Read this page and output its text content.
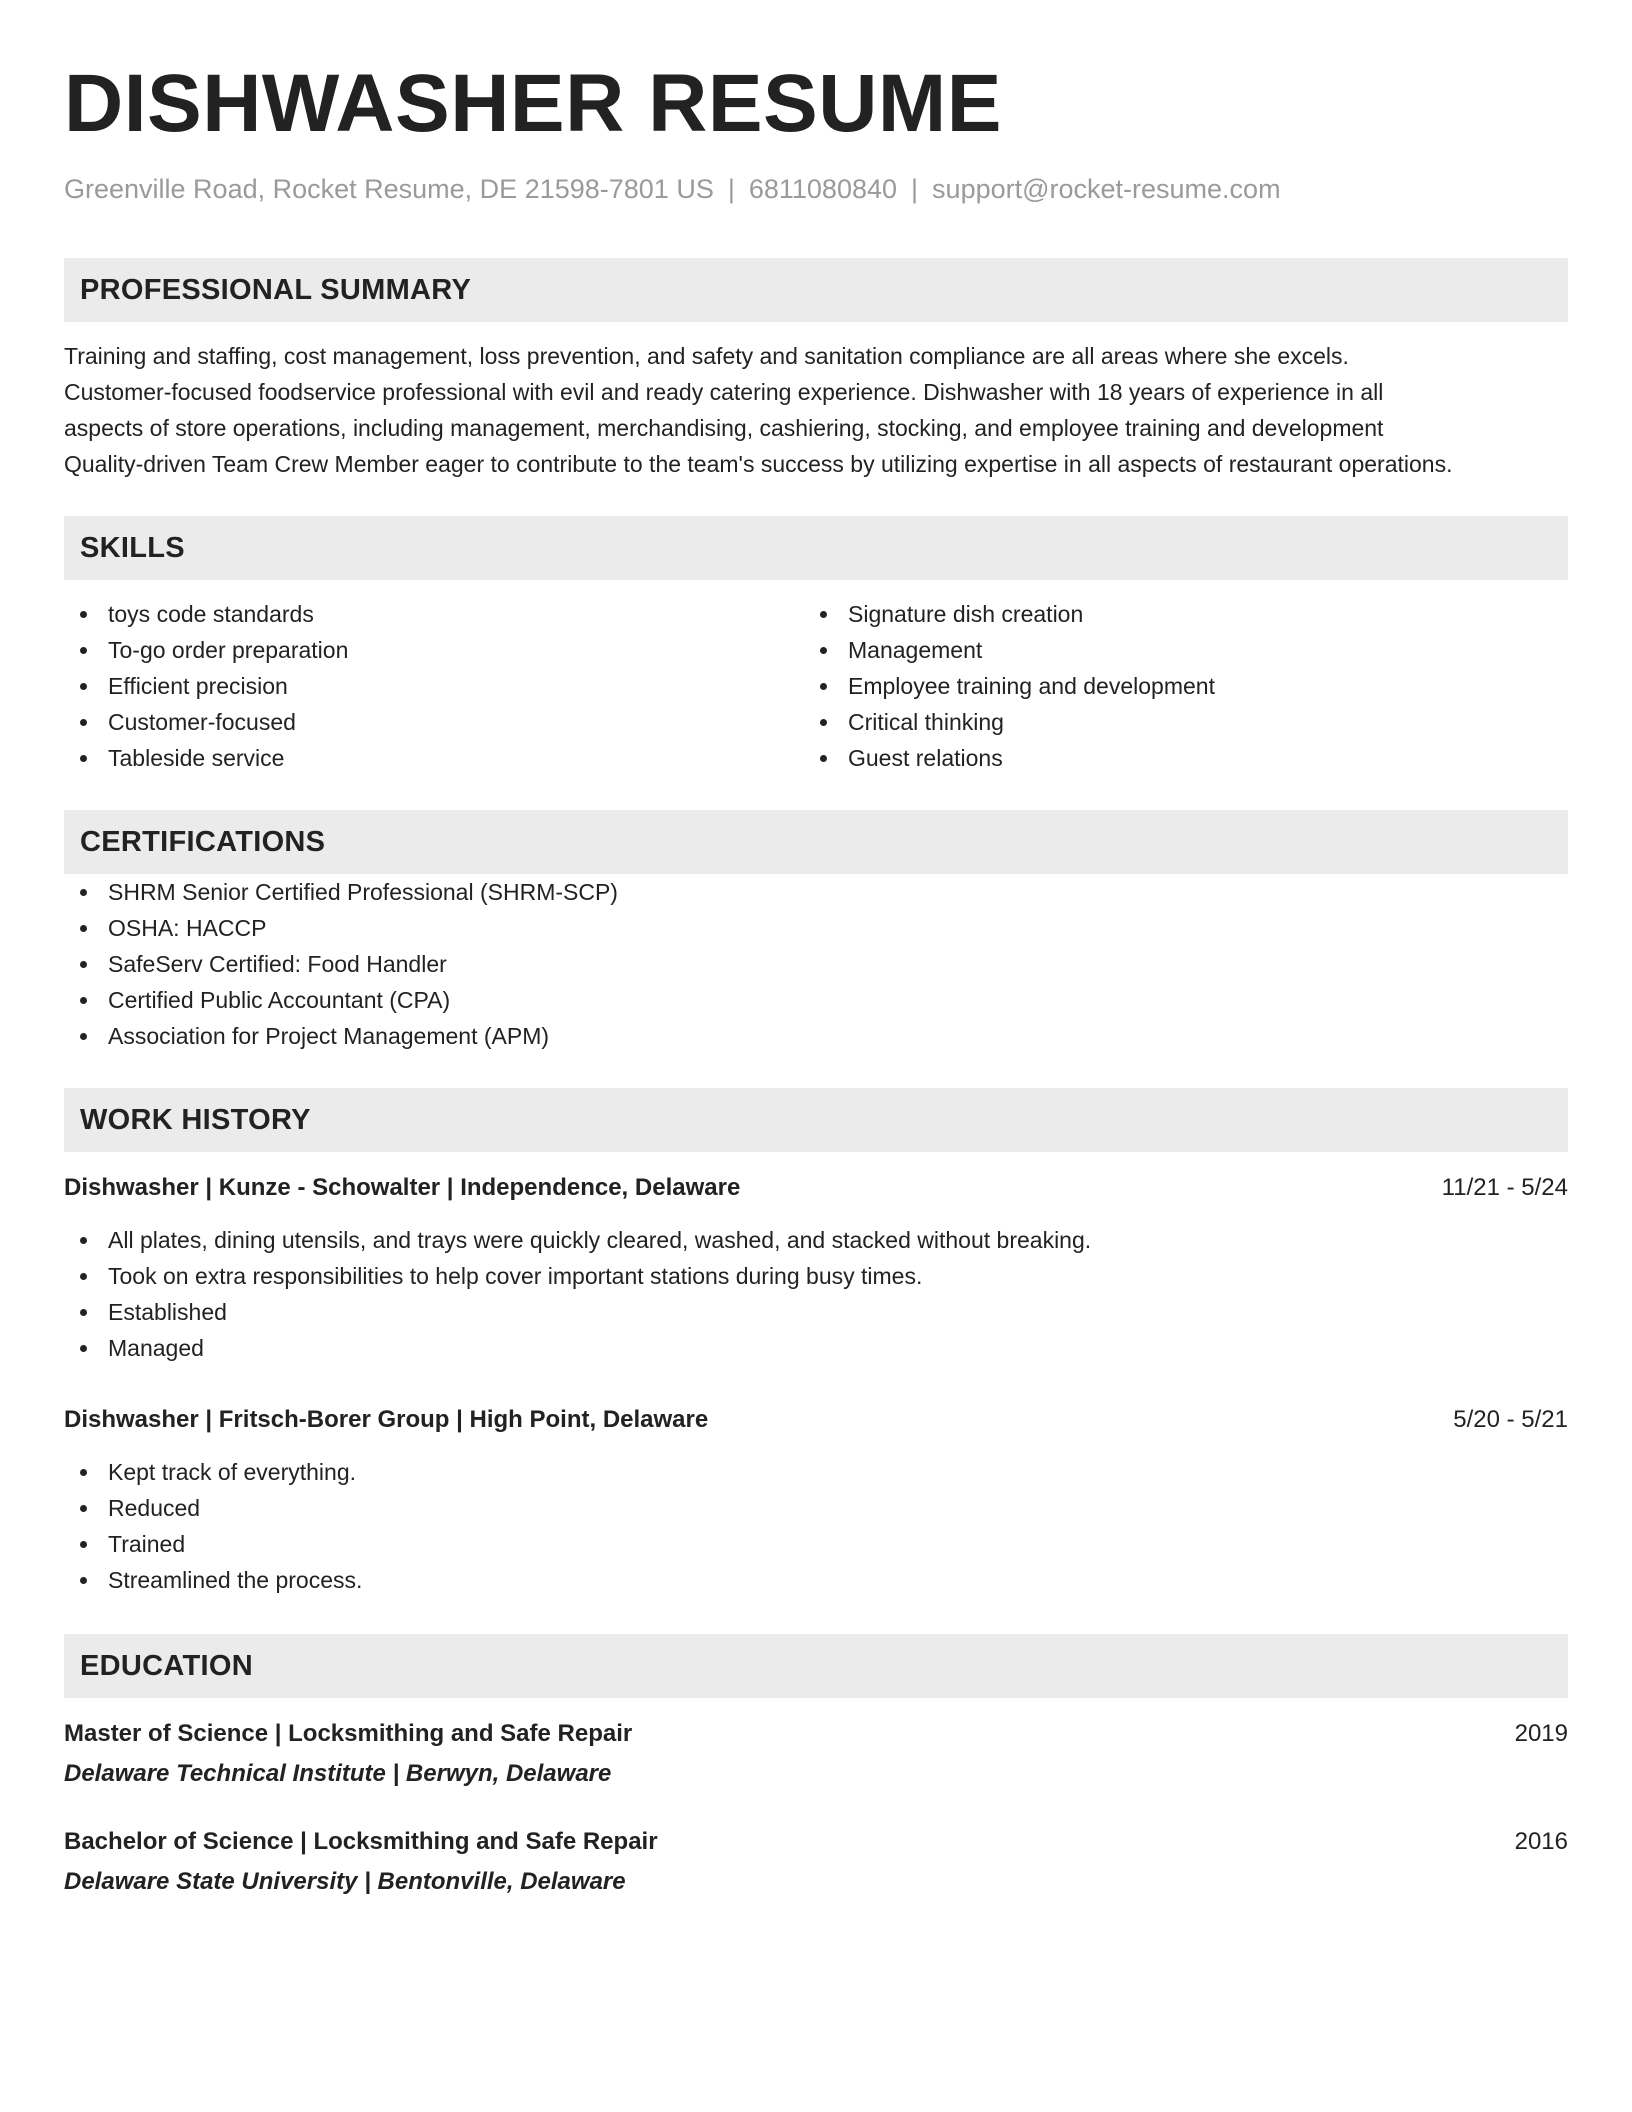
DISHWASHER RESUME
Greenville Road, Rocket Resume, DE 21598-7801 US | 6811080840 | support@rocket-resume.com
PROFESSIONAL SUMMARY

Training and staffing, cost management, loss prevention, and safety and sanitation compliance are all areas where she excels.

Customer-focused foodservice professional with evil and ready catering experience. Dishwasher with 18 years of experience in all

aspects of store operations, including management, merchandising, cashiering, stocking, and employee training and development

Quality-driven Team Crew Member eager to contribute to the team's success by utilizing expertise in all aspects of restaurant operations.

SKILLS
toys code standards
To-go order preparation
Efficient precision
Customer-focused
Tableside service
Signature dish creation
Management
Employee training and development
Critical thinking
Guest relations
CERTIFICATIONS
SHRM Senior Certified Professional (SHRM-SCP)
OSHA: HACCP
SafeServ Certified: Food Handler
Certified Public Accountant (CPA)
Association for Project Management (APM)
WORK HISTORY
Dishwasher | Kunze - Schowalter | Independence, Delaware	11/21 - 5/24
All plates, dining utensils, and trays were quickly cleared, washed, and stacked without breaking.
Took on extra responsibilities to help cover important stations during busy times.
Established
Managed
Dishwasher | Fritsch-Borer Group | High Point, Delaware	5/20 - 5/21
Kept track of everything.
Reduced
Trained
Streamlined the process.
EDUCATION
Master of Science | Locksmithing and Safe Repair	2019
Delaware Technical Institute | Berwyn, Delaware
Bachelor of Science | Locksmithing and Safe Repair	2016
Delaware State University | Bentonville, Delaware
